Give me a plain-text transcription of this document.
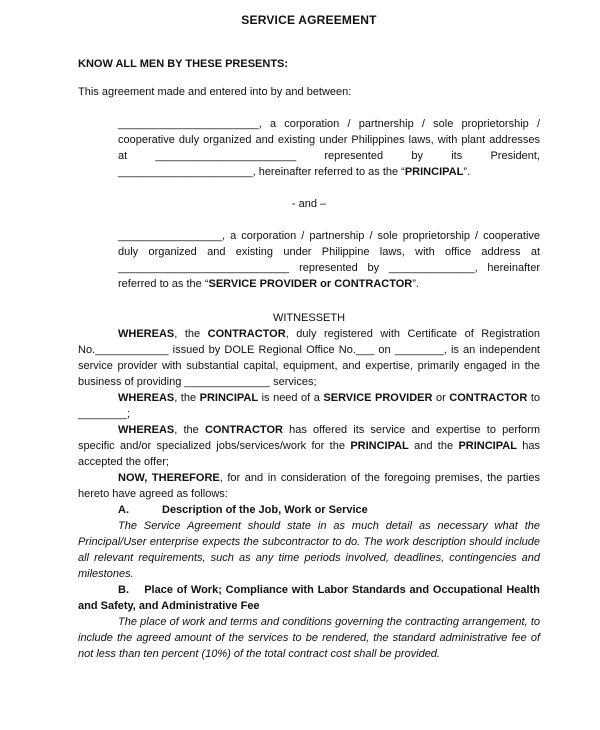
SERVICE AGREEMENT

KNOW ALL MEN BY THESE PRESENTS:

This agreement made and entered into by and between:

_______________________, a corporation / partnership / sole proprietorship / cooperative duly organized and existing under Philippines laws, with plant addresses at _______________________ represented by its President, ______________________, hereinafter referred to as the “PRINCIPAL”.

- and –

_________________, a corporation / partnership / sole proprietorship / cooperative duly organized and existing under Philippine laws, with office address at ____________________________ represented by ______________, hereinafter referred to as the “SERVICE PROVIDER or CONTRACTOR”.

WITNESSETH

WHEREAS, the CONTRACTOR, duly registered with Certificate of Registration No.____________ issued by DOLE Regional Office No.___ on ________, is an independent service provider with substantial capital, equipment, and expertise, primarily engaged in the business of providing ______________ services;

WHEREAS, the PRINCIPAL is need of a SERVICE PROVIDER or CONTRACTOR to ________;

WHEREAS, the CONTRACTOR has offered its service and expertise to perform specific and/or specialized jobs/services/work for the PRINCIPAL and the PRINCIPAL has accepted the offer;

NOW, THEREFORE, for and in consideration of the foregoing premises, the parties hereto have agreed as follows:

A.	Description of the Job, Work or Service

The Service Agreement should state in as much detail as necessary what the Principal/User enterprise expects the subcontractor to do. The work description should include all relevant requirements, such as any time periods involved, deadlines, contingencies and milestones.

B. Place of Work; Compliance with Labor Standards and Occupational Health and Safety, and Administrative Fee

The place of work and terms and conditions governing the contracting arrangement, to include the agreed amount of the services to be rendered, the standard administrative fee of not less than ten percent (10%) of the total contract cost shall be provided.
